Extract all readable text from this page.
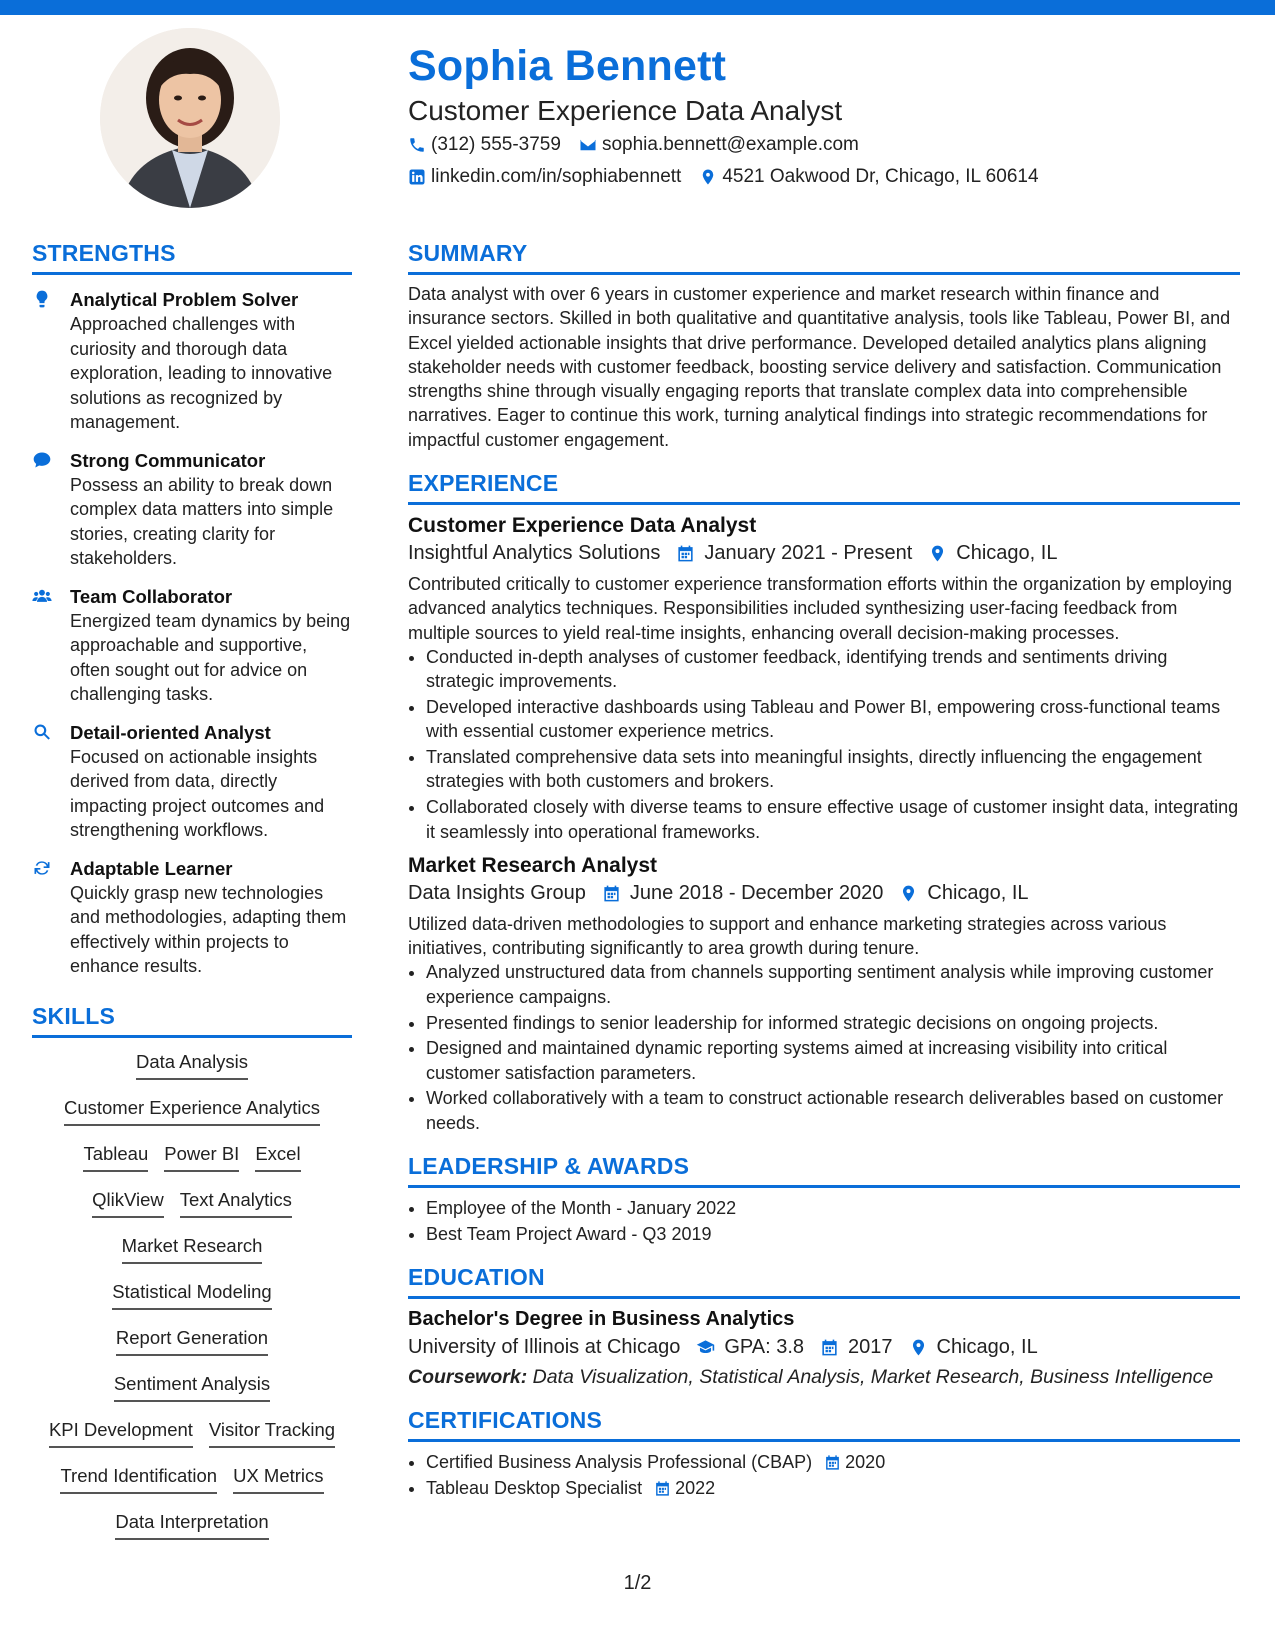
Sophia Bennett
Customer Experience Data Analyst
(312) 555-3759 sophia.bennett@example.com
linkedin.com/in/sophiabennett 4521 Oakwood Dr, Chicago, IL 60614
STRENGTHS
Analytical Problem Solver
Approached challenges with curiosity and thorough data exploration, leading to innovative solutions as recognized by management.
Strong Communicator
Possess an ability to break down complex data matters into simple stories, creating clarity for stakeholders.
Team Collaborator
Energized team dynamics by being approachable and supportive, often sought out for advice on challenging tasks.
Detail-oriented Analyst
Focused on actionable insights derived from data, directly impacting project outcomes and strengthening workflows.
Adaptable Learner
Quickly grasp new technologies and methodologies, adapting them effectively within projects to enhance results.
SKILLS
Data Analysis
Customer Experience Analytics
Tableau Power BI Excel
QlikView Text Analytics
Market Research
Statistical Modeling
Report Generation
Sentiment Analysis
KPI Development Visitor Tracking
Trend Identification UX Metrics
Data Interpretation
SUMMARY

Data analyst with over 6 years in customer experience and market research within finance and insurance sectors. Skilled in both qualitative and quantitative analysis, tools like Tableau, Power BI, and Excel yielded actionable insights that drive performance. Developed detailed analytics plans aligning stakeholder needs with customer feedback, boosting service delivery and satisfaction. Communication strengths shine through visually engaging reports that translate complex data into comprehensible narratives. Eager to continue this work, turning analytical findings into strategic recommendations for impactful customer engagement.

EXPERIENCE
Customer Experience Data Analyst
Insightful Analytics Solutions January 2021 - Present Chicago, IL

Contributed critically to customer experience transformation efforts within the organization by employing advanced analytics techniques. Responsibilities included synthesizing user-facing feedback from multiple sources to yield real-time insights, enhancing overall decision-making processes.

• Conducted in-depth analyses of customer feedback, identifying trends and sentiments driving strategic improvements.
• Developed interactive dashboards using Tableau and Power BI, empowering cross-functional teams with essential customer experience metrics.
• Translated comprehensive data sets into meaningful insights, directly influencing the engagement strategies with both customers and brokers.
• Collaborated closely with diverse teams to ensure effective usage of customer insight data, integrating it seamlessly into operational frameworks.
Market Research Analyst
Data Insights Group June 2018 - December 2020 Chicago, IL

Utilized data-driven methodologies to support and enhance marketing strategies across various initiatives, contributing significantly to area growth during tenure.

• Analyzed unstructured data from channels supporting sentiment analysis while improving customer experience campaigns.
• Presented findings to senior leadership for informed strategic decisions on ongoing projects.
• Designed and maintained dynamic reporting systems aimed at increasing visibility into critical customer satisfaction parameters.
• Worked collaboratively with a team to construct actionable research deliverables based on customer needs.
LEADERSHIP & AWARDS
• Employee of the Month - January 2022
• Best Team Project Award - Q3 2019
EDUCATION
Bachelor's Degree in Business Analytics
University of Illinois at Chicago GPA: 3.8 2017 Chicago, IL
Coursework: Data Visualization, Statistical Analysis, Market Research, Business Intelligence
CERTIFICATIONS
• Certified Business Analysis Professional (CBAP) 2020
• Tableau Desktop Specialist 2022
1/2
